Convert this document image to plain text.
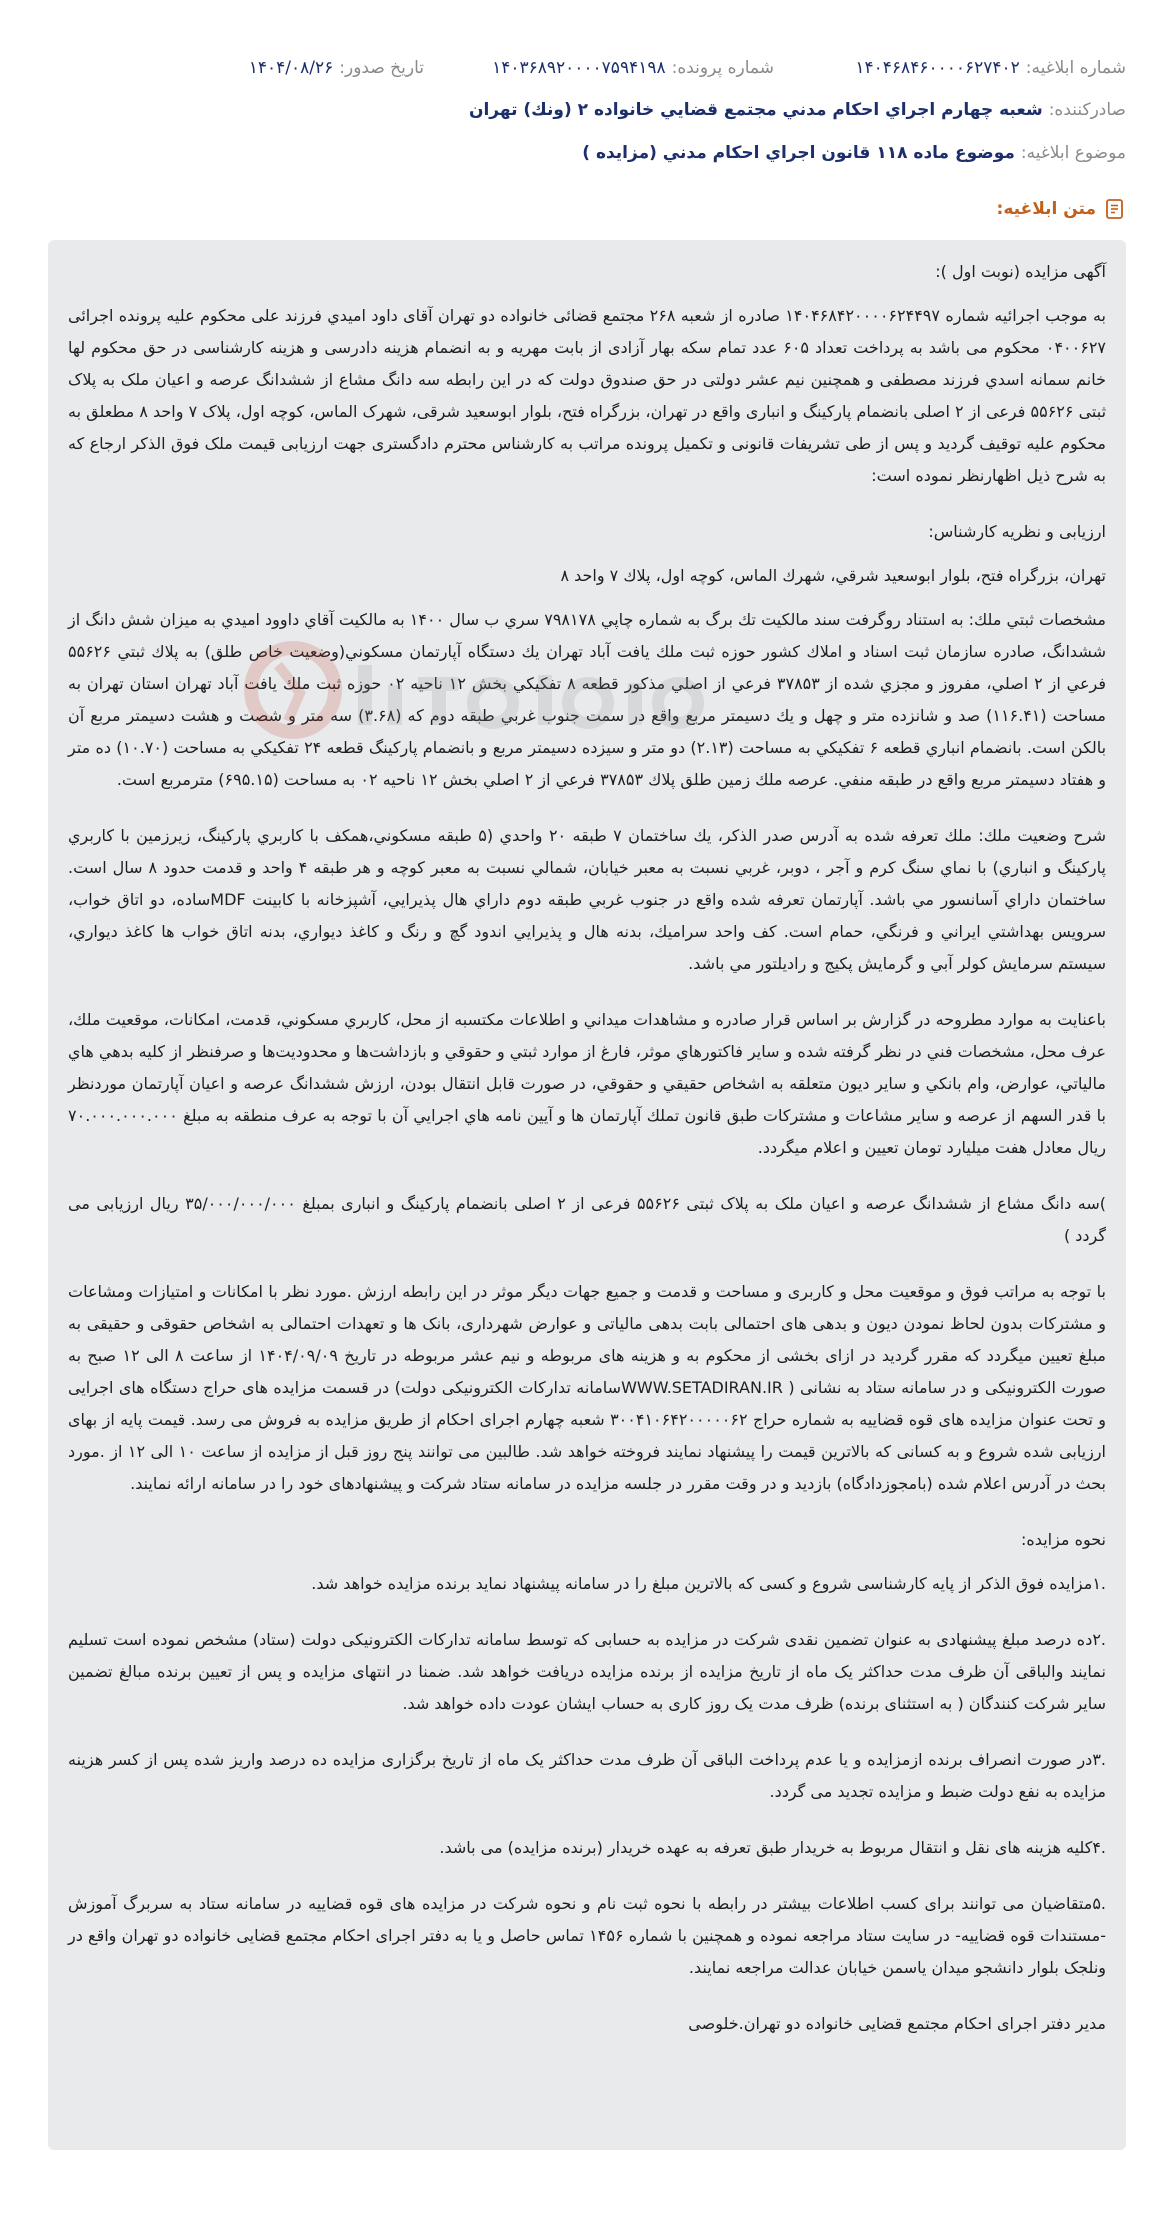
شماره ابلاغیه:۱۴۰۴۶۸۴۶۰۰۰۰۶۲۷۴۰۲
شماره پرونده:۱۴۰۳۶۸۹۲۰۰۰۰۷۵۹۴۱۹۸
تاریخ صدور:۱۴۰۴/۰۸/۲۶
صادرکننده:
شعبه چهارم اجراي احكام مدني مجتمع قضايي خانواده ۲ (ونك) تهران
موضوع ابلاغیه:
موضوع ماده ۱۱۸ قانون اجراي احكام مدني (مزايده )
متن ابلاغیه:

آگهی مزایده (نوبت اول ):

به موجب اجرائیه شماره ۱۴۰۴۶۸۴۲۰۰۰۰۶۲۴۴۹۷ صادره از شعبه ۲۶۸ مجتمع قضائی خانواده دو تهران آقای داود امیدي فرزند علی محکوم علیه پرونده اجرائی ۰۴۰۰۶۲۷ محکوم می باشد به پرداخت تعداد ۶۰۵ عدد تمام سکه بهار آزادی از بابت مهریه و به انضمام هزینه دادرسی و هزینه کارشناسی در حق محکوم لها خانم سمانه اسدي فرزند مصطفی و همچنین نیم عشر دولتی در حق صندوق دولت که در این رابطه سه دانگ مشاع از ششدانگ عرصه و اعیان ملک به پلاک ثبتی ۵۵۶۲۶ فرعی از ۲ اصلی بانضمام پارکینگ و انباری واقع در تهران، بزرگراه فتح، بلوار ابوسعید شرقی، شهرک الماس، کوچه اول، پلاک ۷ واحد ۸ مطعلق به محکوم علیه توقیف گردید و پس از طی تشریفات قانونی و تکمیل پرونده مراتب به کارشناس محترم دادگستری جهت ارزیابی قیمت ملک فوق الذکر ارجاع که به شرح ذیل اظهارنظر نموده است:

ارزیابی و نظریه کارشناس:

تهران، بزرگراه فتح، بلوار ابوسعيد شرقي، شهرك الماس، كوچه اول، پلاك ۷ واحد ۸

مشخصات ثبتي ملك: به استناد روگرفت سند مالكيت تك برگ به شماره چاپي ۷۹۸۱۷۸ سري ب سال ۱۴۰۰ به مالكيت آقاي داوود اميدي به ميزان شش دانگ از ششدانگ، صادره سازمان ثبت اسناد و املاك كشور حوزه ثبت ملك يافت آباد تهران يك دستگاه آپارتمان مسكوني(وضعيت خاص طلق) به پلاك ثبتي ۵۵۶۲۶ فرعي از ۲ اصلي، مفروز و مجزي شده از ۳۷۸۵۳ فرعي از اصلي مذكور قطعه ۸ تفكيكي بخش ۱۲ ناحيه ۰۲ حوزه ثبت ملك يافت آباد تهران استان تهران به مساحت (۱۱۶.۴۱) صد و شانزده متر و چهل و يك دسيمتر مربع واقع در سمت جنوب غربي طبقه دوم كه (۳.۶۸) سه متر و شصت و هشت دسيمتر مربع آن بالكن است. بانضمام انباري قطعه ۶ تفكيكي به مساحت (۲.۱۳) دو متر و سيزده دسيمتر مربع و بانضمام پاركينگ قطعه ۲۴ تفكيكي به مساحت (۱۰.۷۰) ده متر و هفتاد دسيمتر مربع واقع در طبقه منفي. عرصه ملك زمين طلق پلاك ۳۷۸۵۳ فرعي از ۲ اصلي بخش ۱۲ ناحيه ۰۲ به مساحت (۶۹۵.۱۵) مترمربع است.

شرح وضعيت ملك: ملك تعرفه شده به آدرس صدر الذكر، يك ساختمان ۷ طبقه ۲۰ واحدي (۵ طبقه مسكوني،همكف با كاربري پاركينگ، زيرزمين با كاربري پاركينگ و انباري) با نماي سنگ كرم و آجر ، دوبر، غربي نسبت به معبر خيابان، شمالي نسبت به معبر كوچه و هر طبقه ۴ واحد و قدمت حدود ۸ سال است. ساختمان داراي آسانسور مي باشد. آپارتمان تعرفه شده واقع در جنوب غربي طبقه دوم داراي هال پذيرايي، آشپزخانه با كابينت MDFساده، دو اتاق خواب، سرويس بهداشتي ايراني و فرنگي، حمام است. كف واحد سراميك، بدنه هال و پذيرايي اندود گچ و رنگ و كاغذ ديواري، بدنه اتاق خواب ها كاغذ ديواري، سيستم سرمايش كولر آبي و گرمايش پكيج و راديلتور مي باشد.

باعنايت به موارد مطروحه در گزارش بر اساس قرار صادره و مشاهدات ميداني و اطلاعات مكتسبه از محل، كاربري مسكوني، قدمت، امكانات، موقعيت ملك، عرف محل، مشخصات فني در نظر گرفته شده و ساير فاكتورهاي موثر، فارغ از موارد ثبتي و حقوقي و بازداشت‌ها و محدوديت‌ها و صرفنظر از كليه بدهي هاي مالياتي، عوارض، وام بانكي و ساير ديون متعلقه به اشخاص حقيقي و حقوقي، در صورت قابل انتقال بودن، ارزش ششدانگ عرصه و اعيان آپارتمان موردنظر با قدر السهم از عرصه و ساير مشاعات و مشتركات طبق قانون تملك آپارتمان ها و آيين نامه هاي اجرايي آن با توجه به عرف منطقه به مبلغ ۷۰.۰۰۰.۰۰۰.۰۰۰ ريال معادل هفت ميليارد تومان تعيين و اعلام ميگردد.

)سه دانگ مشاع از ششدانگ عرصه و اعیان ملک به پلاک ثبتی ۵۵۶۲۶ فرعی از ۲ اصلی بانضمام پارکینگ و انباری بمبلغ ۳۵/۰۰۰/۰۰۰/۰۰۰ ریال ارزیابی می گردد )

با توجه به مراتب فوق و موقعیت محل و کاربری و مساحت و قدمت و جمیع جهات دیگر موثر در این رابطه ارزش .مورد نظر با امکانات و امتیازات ومشاعات و مشترکات بدون لحاظ نمودن دیون و بدهی های احتمالی بابت بدهی مالیاتی و عوارض شهرداری، بانک ها و تعهدات احتمالی به اشخاص حقوقی و حقیقی به مبلغ تعیین میگردد که مقرر گردید در ازای بخشی از محکوم به و هزینه های مربوطه و نیم عشر مربوطه در تاریخ ۱۴۰۴/۰۹/۰۹ از ساعت ۸ الی ۱۲ صبح به صورت الکترونیکی و در سامانه ستاد به نشانی ( WWW.SETADIRAN.IRسامانه تدارکات الکترونیکی دولت) در قسمت مزایده های حراج دستگاه های اجرایی و تحت عنوان مزایده های قوه قضاییه به شماره حراج ۳۰۰۴۱۰۶۴۲۰۰۰۰۰۶۲ شعبه چهارم اجرای احکام از طریق مزایده به فروش می رسد. قیمت پایه از بهای ارزیابی شده شروع و به کسانی که بالاترین قیمت را پیشنهاد نمایند فروخته خواهد شد. طالبین می توانند پنج روز قبل از مزایده از ساعت ۱۰ الی ۱۲ از .مورد بحث در آدرس اعلام شده (بامجوزدادگاه) بازدید و در وقت مقرر در جلسه مزایده در سامانه ستاد شرکت و پیشنهادهای خود را در سامانه ارائه نمایند.

نحوه مزایده:

.۱مزایده فوق الذکر از پایه کارشناسی شروع و کسی که بالاترین مبلغ را در سامانه پیشنهاد نماید برنده مزایده خواهد شد.

.۲ده درصد مبلغ پیشنهادی به عنوان تضمین نقدی شرکت در مزایده به حسابی که توسط سامانه تدارکات الکترونیکی دولت (ستاد) مشخص نموده است تسلیم نمایند والباقی آن ظرف مدت حداکثر یک ماه از تاریخ مزایده از برنده مزایده دریافت خواهد شد. ضمنا در انتهای مزایده و پس از تعیین برنده مبالغ تضمین سایر شرکت کنندگان ( به استثنای برنده) ظرف مدت یک روز کاری به حساب ایشان عودت داده خواهد شد.

.۳در صورت انصراف برنده ازمزایده و یا عدم پرداخت الباقی آن ظرف مدت حداکثر یک ماه از تاریخ برگزاری مزایده ده درصد واریز شده پس از کسر هزینه مزایده به نفع دولت ضبط و مزایده تجدید می گردد.

.۴کلیه هزینه های نقل و انتقال مربوط به خریدار طبق تعرفه به عهده خریدار (برنده مزایده) می باشد.

.۵متقاضیان می توانند برای کسب اطلاعات بیشتر در رابطه با نحوه ثبت نام و نحوه شرکت در مزایده های قوه قضاییه در سامانه ستاد به سربرگ آموزش -مستندات قوه قضاییه- در سایت ستاد مراجعه نموده و همچنین با شماره ۱۴۵۶ تماس حاصل و یا به دفتر اجرای احکام مجتمع قضایی خانواده دو تهران واقع در ونلجک بلوار دانشجو میدان یاسمن خیابان عدالت مراجعه نمایند.

مدیر دفتر اجرای احکام مجتمع قضایی خانواده دو تهران.خلوصی
